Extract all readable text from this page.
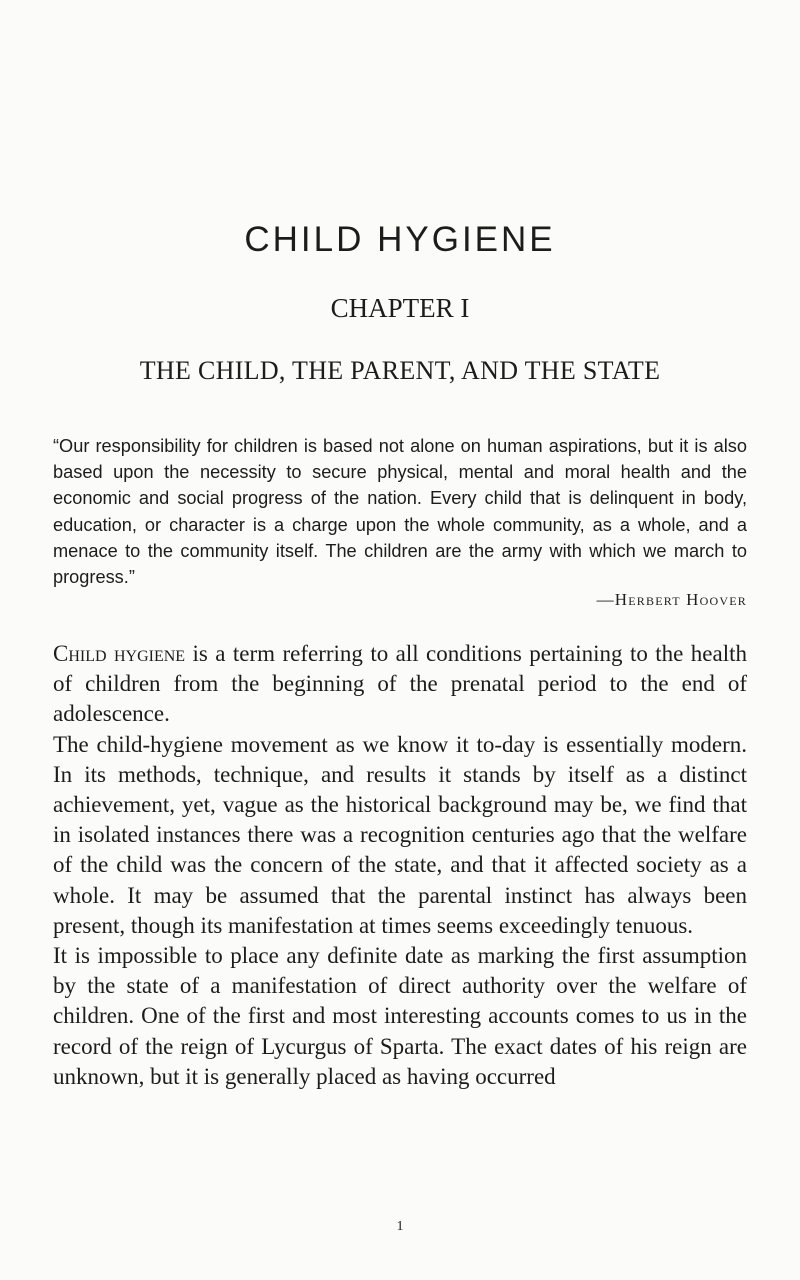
CHILD HYGIENE
CHAPTER I
THE CHILD, THE PARENT, AND THE STATE

“Our responsibility for children is based not alone on human aspirations, but it is also based upon the necessity to secure physical, mental and moral health and the economic and social progress of the nation. Every child that is delinquent in body, education, or character is a charge upon the whole community, as a whole, and a menace to the community itself. The children are the army with which we march to progress.”

—Herbert Hoover

Child hygiene is a term referring to all conditions pertaining to the health of children from the beginning of the prenatal period to the end of adolescence.

The child-hygiene movement as we know it to-day is essentially modern. In its methods, technique, and results it stands by itself as a distinct achievement, yet, vague as the historical background may be, we find that in isolated instances there was a recognition centuries ago that the welfare of the child was the concern of the state, and that it affected society as a whole. It may be assumed that the parental instinct has always been present, though its manifestation at times seems exceedingly tenuous.

It is impossible to place any definite date as marking the first assumption by the state of a manifestation of direct authority over the welfare of children. One of the first and most interesting accounts comes to us in the record of the reign of Lycurgus of Sparta. The exact dates of his reign are unknown, but it is generally placed as having occurred

1
